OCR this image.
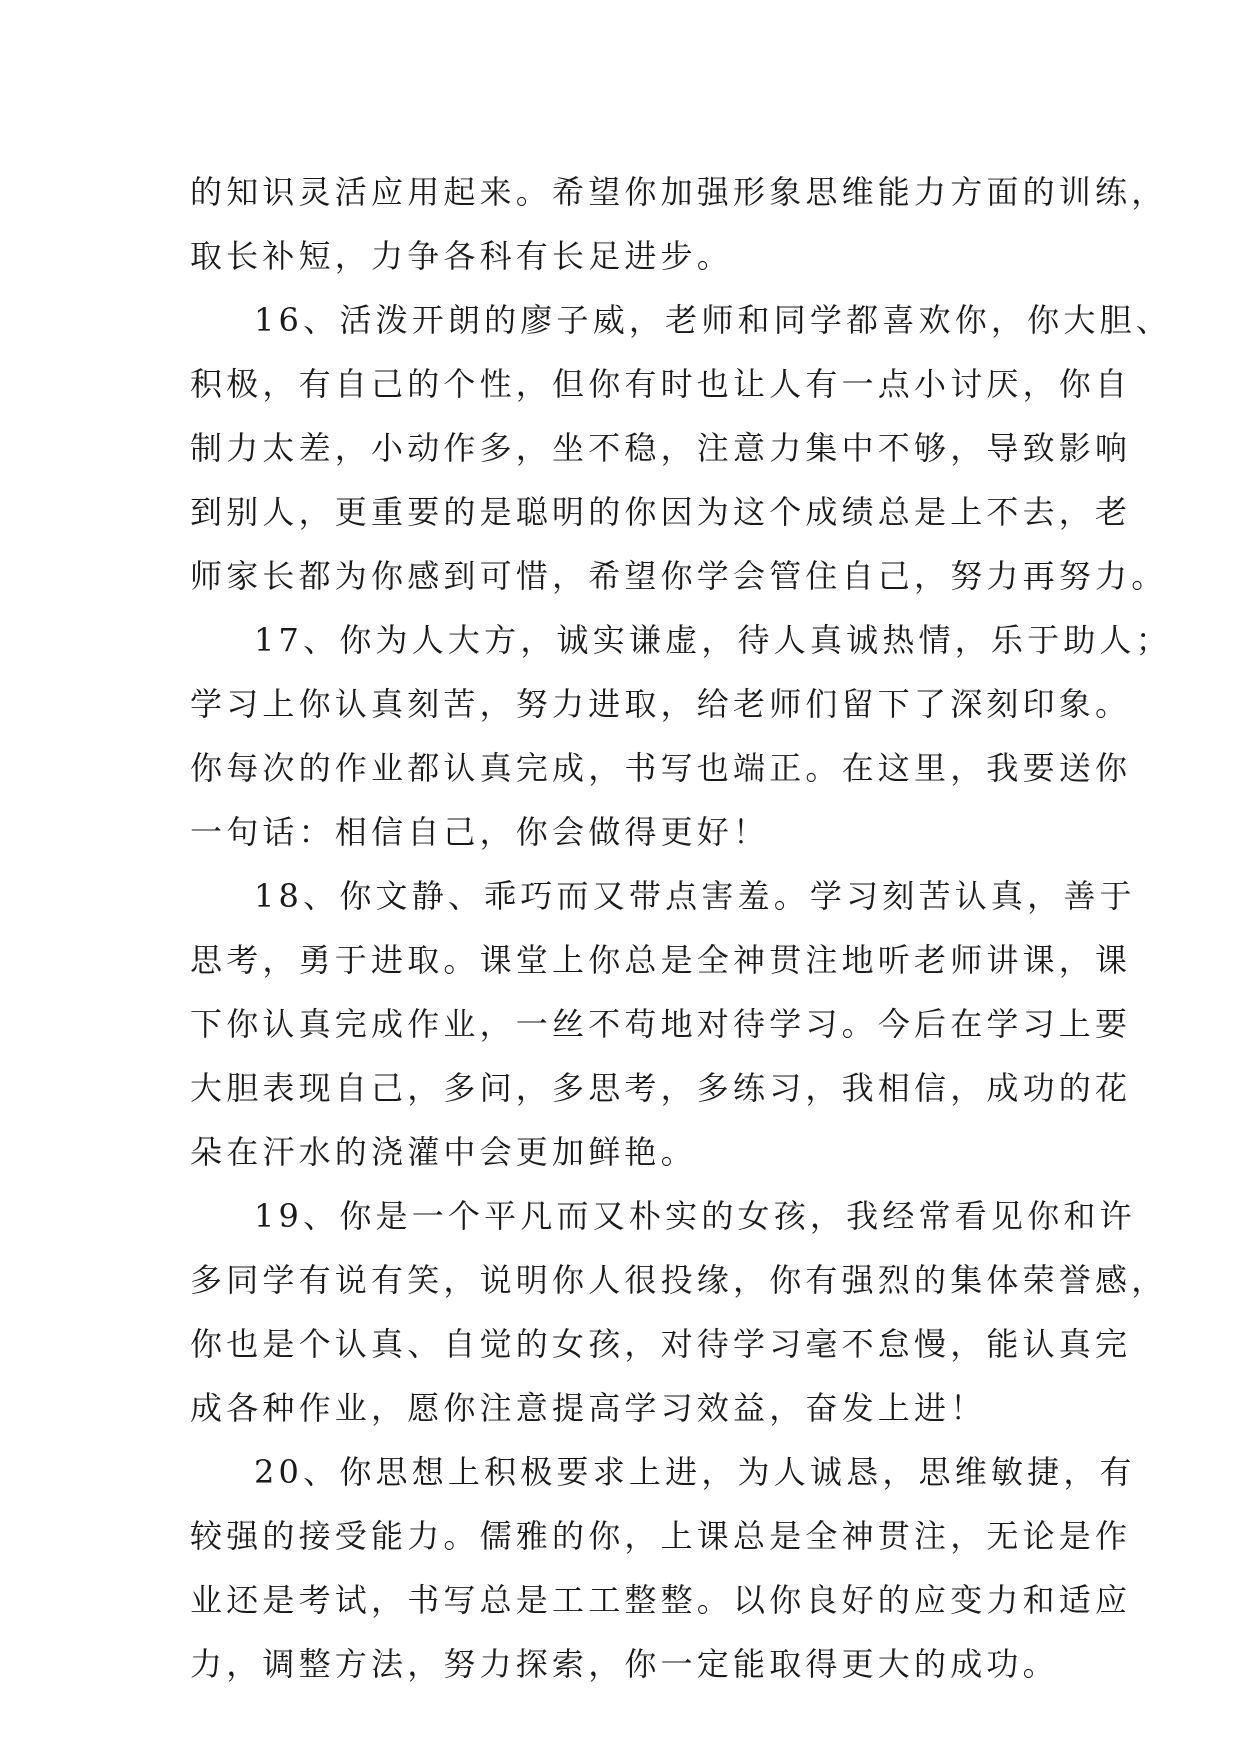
的知识灵活应用起来。希望你加强形象思维能力方面的训练，
取长补短，力争各科有长足进步。
16、活泼开朗的廖子威，老师和同学都喜欢你，你大胆、
积极，有自己的个性，但你有时也让人有一点小讨厌，你自
制力太差，小动作多，坐不稳，注意力集中不够，导致影响
到别人，更重要的是聪明的你因为这个成绩总是上不去，老
师家长都为你感到可惜，希望你学会管住自己，努力再努力。
17、你为人大方，诚实谦虚，待人真诚热情，乐于助人；
学习上你认真刻苦，努力进取，给老师们留下了深刻印象。
你每次的作业都认真完成，书写也端正。在这里，我要送你
一句话：相信自己，你会做得更好！
18、你文静、乖巧而又带点害羞。学习刻苦认真，善于
思考，勇于进取。课堂上你总是全神贯注地听老师讲课，课
下你认真完成作业，一丝不苟地对待学习。今后在学习上要
大胆表现自己，多问，多思考，多练习，我相信，成功的花
朵在汗水的浇灌中会更加鲜艳。
19、你是一个平凡而又朴实的女孩，我经常看见你和许
多同学有说有笑，说明你人很投缘，你有强烈的集体荣誉感，
你也是个认真、自觉的女孩，对待学习毫不怠慢，能认真完
成各种作业，愿你注意提高学习效益，奋发上进！
20、你思想上积极要求上进，为人诚恳，思维敏捷，有
较强的接受能力。儒雅的你，上课总是全神贯注，无论是作
业还是考试，书写总是工工整整。以你良好的应变力和适应
力，调整方法，努力探索，你一定能取得更大的成功。
